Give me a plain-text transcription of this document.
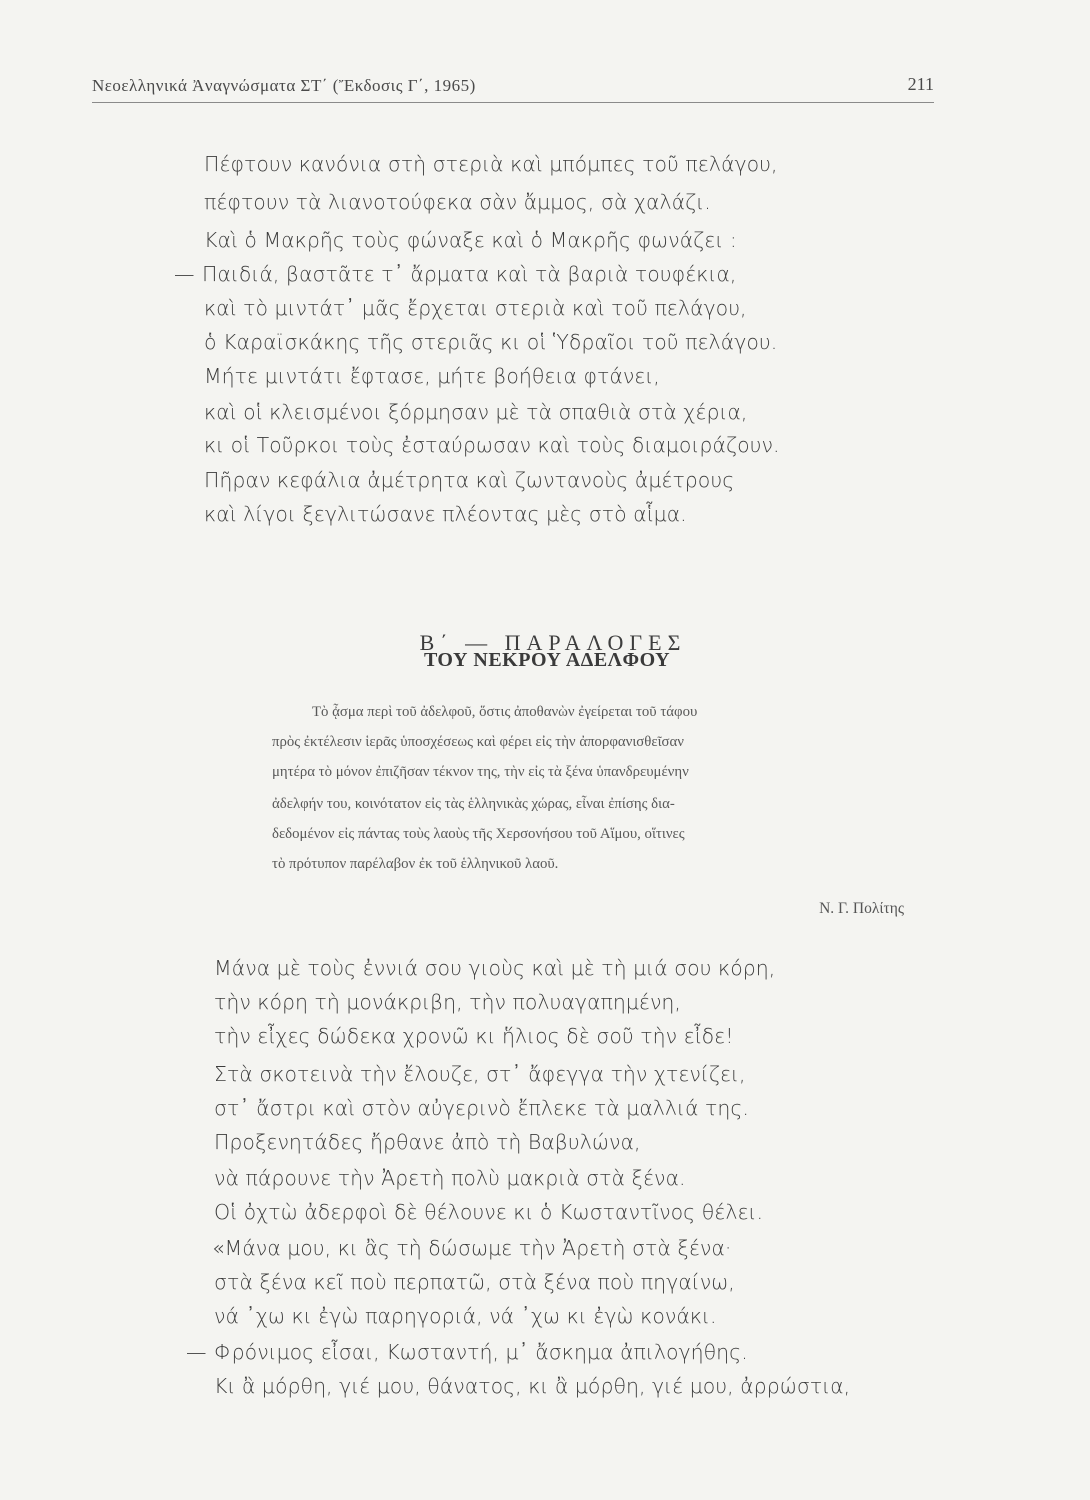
Νεοελληνικά Ἀναγνώσματα ΣΤ΄ (Ἔκδοσις Γ΄, 1965)	211
Πέφτουν κανόνια στὴ στεριὰ καὶ μπόμπες τοῦ πελάγου,
πέφτουν τὰ λιανοτούφεκα σὰν ἄμμος, σὰ χαλάζι.
Καὶ ὁ Μακρῆς τοὺς φώναξε καὶ ὁ Μακρῆς φωνάζει :
— Παιδιά, βαστᾶτε τ᾽ ἄρματα καὶ τὰ βαριὰ τουφέκια,
καὶ τὸ μιντάτ᾽ μᾶς ἔρχεται στεριὰ καὶ τοῦ πελάγου,
ὁ Καραϊσκάκης τῆς στεριᾶς κι οἱ Ὑδραῖοι τοῦ πελάγου.
Μήτε μιντάτι ἔφτασε, μήτε βοήθεια φτάνει,
καὶ οἱ κλεισμένοι ξόρμησαν μὲ τὰ σπαθιὰ στὰ χέρια,
κι οἱ Τοῦρκοι τοὺς ἐσταύρωσαν καὶ τοὺς διαμοιράζουν.
Πῆραν κεφάλια ἀμέτρητα καὶ ζωντανοὺς ἀμέτρους
καὶ λίγοι ξεγλιτώσανε πλέοντας μὲς στὸ αἷμα.
Β΄ — ΠΑΡΑΛΟΓΕΣ
ΤΟΥ ΝΕΚΡΟΥ ΑΔΕΛΦΟΥ
Τὸ ᾆσμα περὶ τοῦ ἀδελφοῦ, ὅστις ἀποθανὼν ἐγείρεται τοῦ τάφου
πρὸς ἐκτέλεσιν ἱερᾶς ὑποσχέσεως καὶ φέρει εἰς τὴν ἀπορφανισθεῖσαν
μητέρα τὸ μόνον ἐπιζῆσαν τέκνον της, τὴν εἰς τὰ ξένα ὑπανδρευμένην
ἀδελφήν του, κοινότατον εἰς τὰς ἑλληνικὰς χώρας, εἶναι ἐπίσης δια-
δεδομένον εἰς πάντας τοὺς λαοὺς τῆς Χερσονήσου τοῦ Αἵμου, οἵτινες
τὸ πρότυπον παρέλαβον ἐκ τοῦ ἑλληνικοῦ λαοῦ.
Ν. Γ. Πολίτης
Μάνα μὲ τοὺς ἐννιά σου γιοὺς καὶ μὲ τὴ μιά σου κόρη,
τὴν κόρη τὴ μονάκριβη, τὴν πολυαγαπημένη,
τὴν εἶχες δώδεκα χρονῶ κι ἥλιος δὲ σοῦ τὴν εἶδε!
Στὰ σκοτεινὰ τὴν ἔλουζε, στ᾽ ἄφεγγα τὴν χτενίζει,
στ᾽ ἄστρι καὶ στὸν αὐγερινὸ ἔπλεκε τὰ μαλλιά της.
Προξενητάδες ἤρθανε ἀπὸ τὴ Βαβυλώνα,
νὰ πάρουνε τὴν Ἀρετὴ πολὺ μακριὰ στὰ ξένα.
Οἱ ὀχτὼ ἀδερφοὶ δὲ θέλουνε κι ὁ Κωσταντῖνος θέλει.
«Μάνα μου, κι ἂς τὴ δώσωμε τὴν Ἀρετὴ στὰ ξένα·
στὰ ξένα κεῖ ποὺ περπατῶ, στὰ ξένα ποὺ πηγαίνω,
νά ᾽χω κι ἐγὼ παρηγοριά, νά ᾽χω κι ἐγὼ κονάκι.
— Φρόνιμος εἶσαι, Κωσταντή, μ᾽ ἄσκημα ἀπιλογήθης.
Κι ἂ μόρθη, γιέ μου, θάνατος, κι ἂ μόρθη, γιέ μου, ἀρρώστια,
